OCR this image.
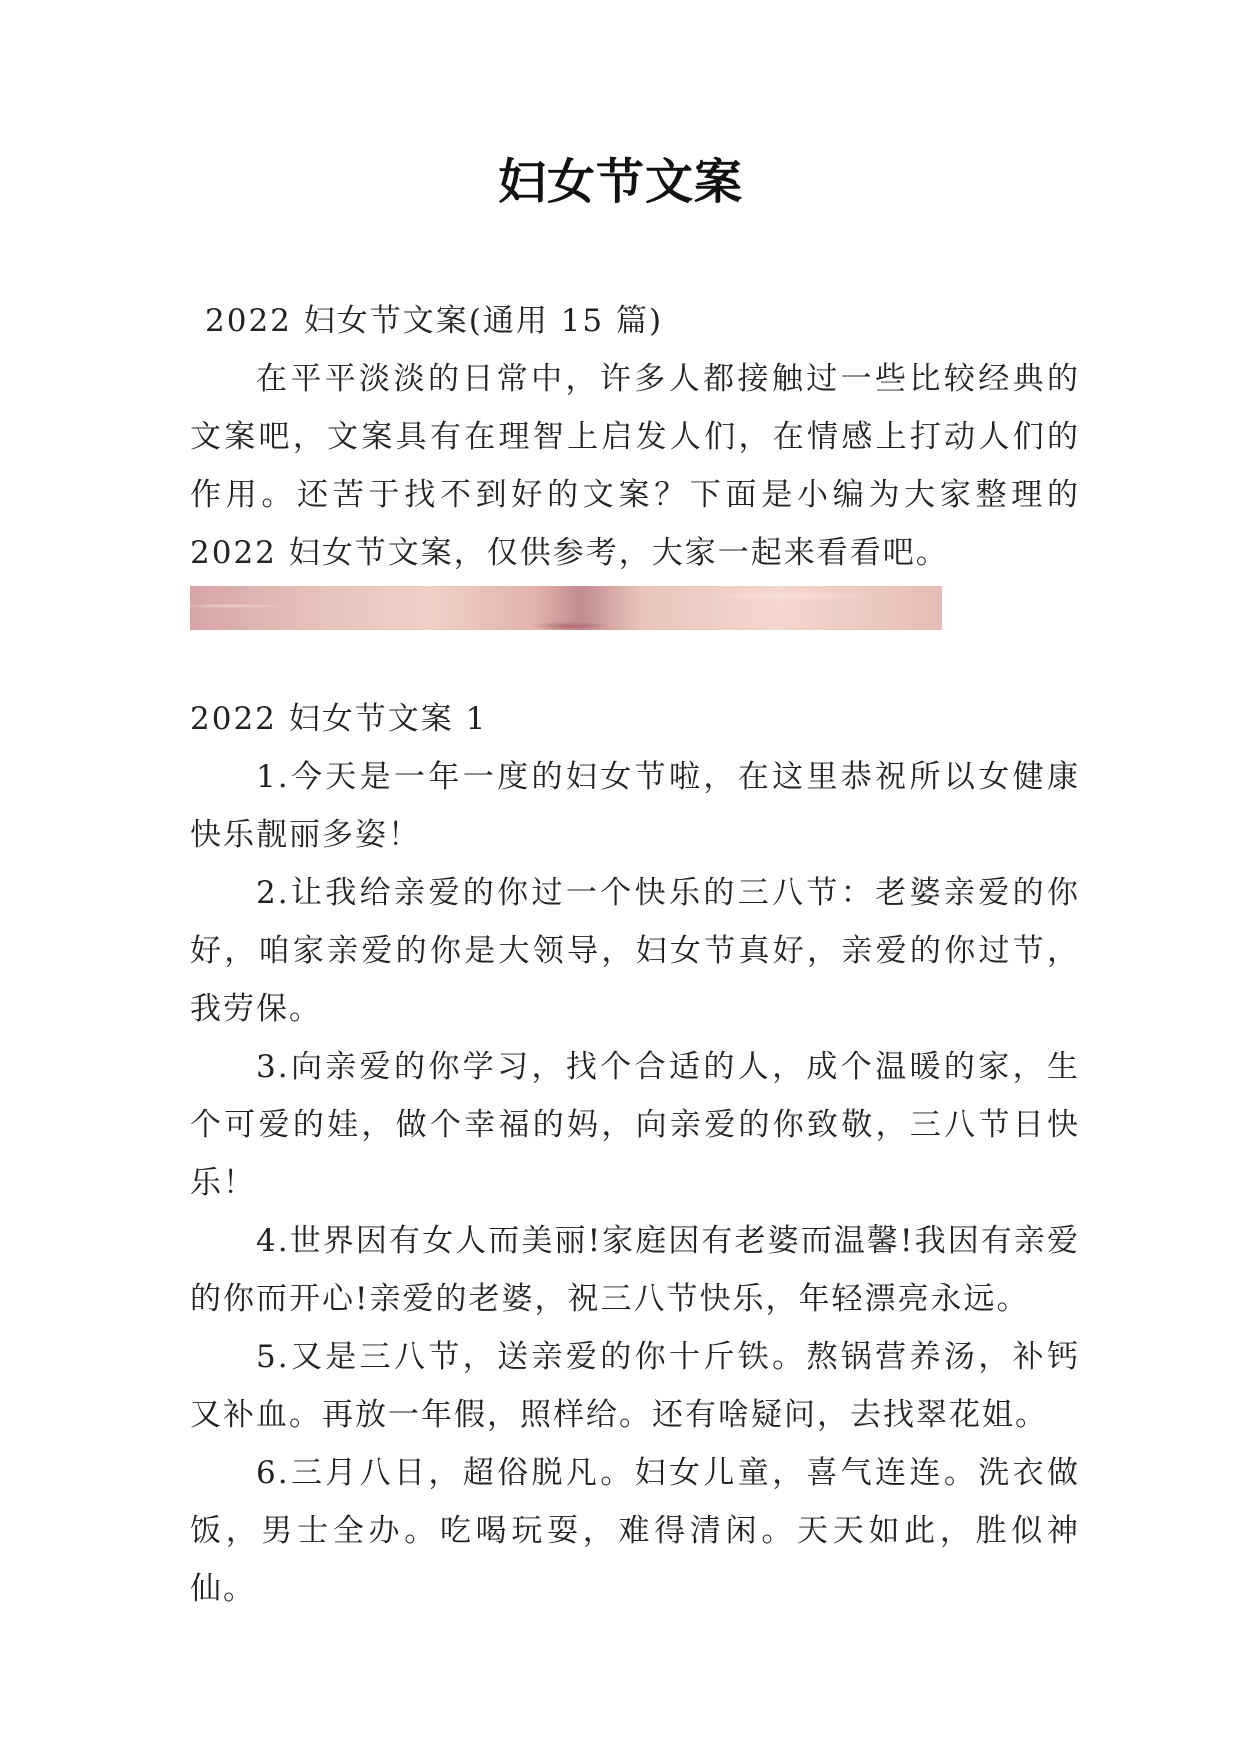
妇女节文案

2022 妇女节文案(通用 15 篇)

在平平淡淡的日常中，许多人都接触过一些比较经典的文案吧，文案具有在理智上启发人们，在情感上打动人们的作用。还苦于找不到好的文案？下面是小编为大家整理的 2022 妇女节文案，仅供参考，大家一起来看看吧。

2022 妇女节文案 1

1.今天是一年一度的妇女节啦，在这里恭祝所以女健康快乐靓丽多姿！

2.让我给亲爱的你过一个快乐的三八节：老婆亲爱的你好，咱家亲爱的你是大领导，妇女节真好，亲爱的你过节，我劳保。

3.向亲爱的你学习，找个合适的人，成个温暖的家，生个可爱的娃，做个幸福的妈，向亲爱的你致敬，三八节日快乐！

4.世界因有女人而美丽!家庭因有老婆而温馨!我因有亲爱的你而开心!亲爱的老婆，祝三八节快乐，年轻漂亮永远。

5.又是三八节，送亲爱的你十斤铁。熬锅营养汤，补钙又补血。再放一年假，照样给。还有啥疑问，去找翠花姐。

6.三月八日，超俗脱凡。妇女儿童，喜气连连。洗衣做饭，男士全办。吃喝玩耍，难得清闲。天天如此，胜似神仙。
